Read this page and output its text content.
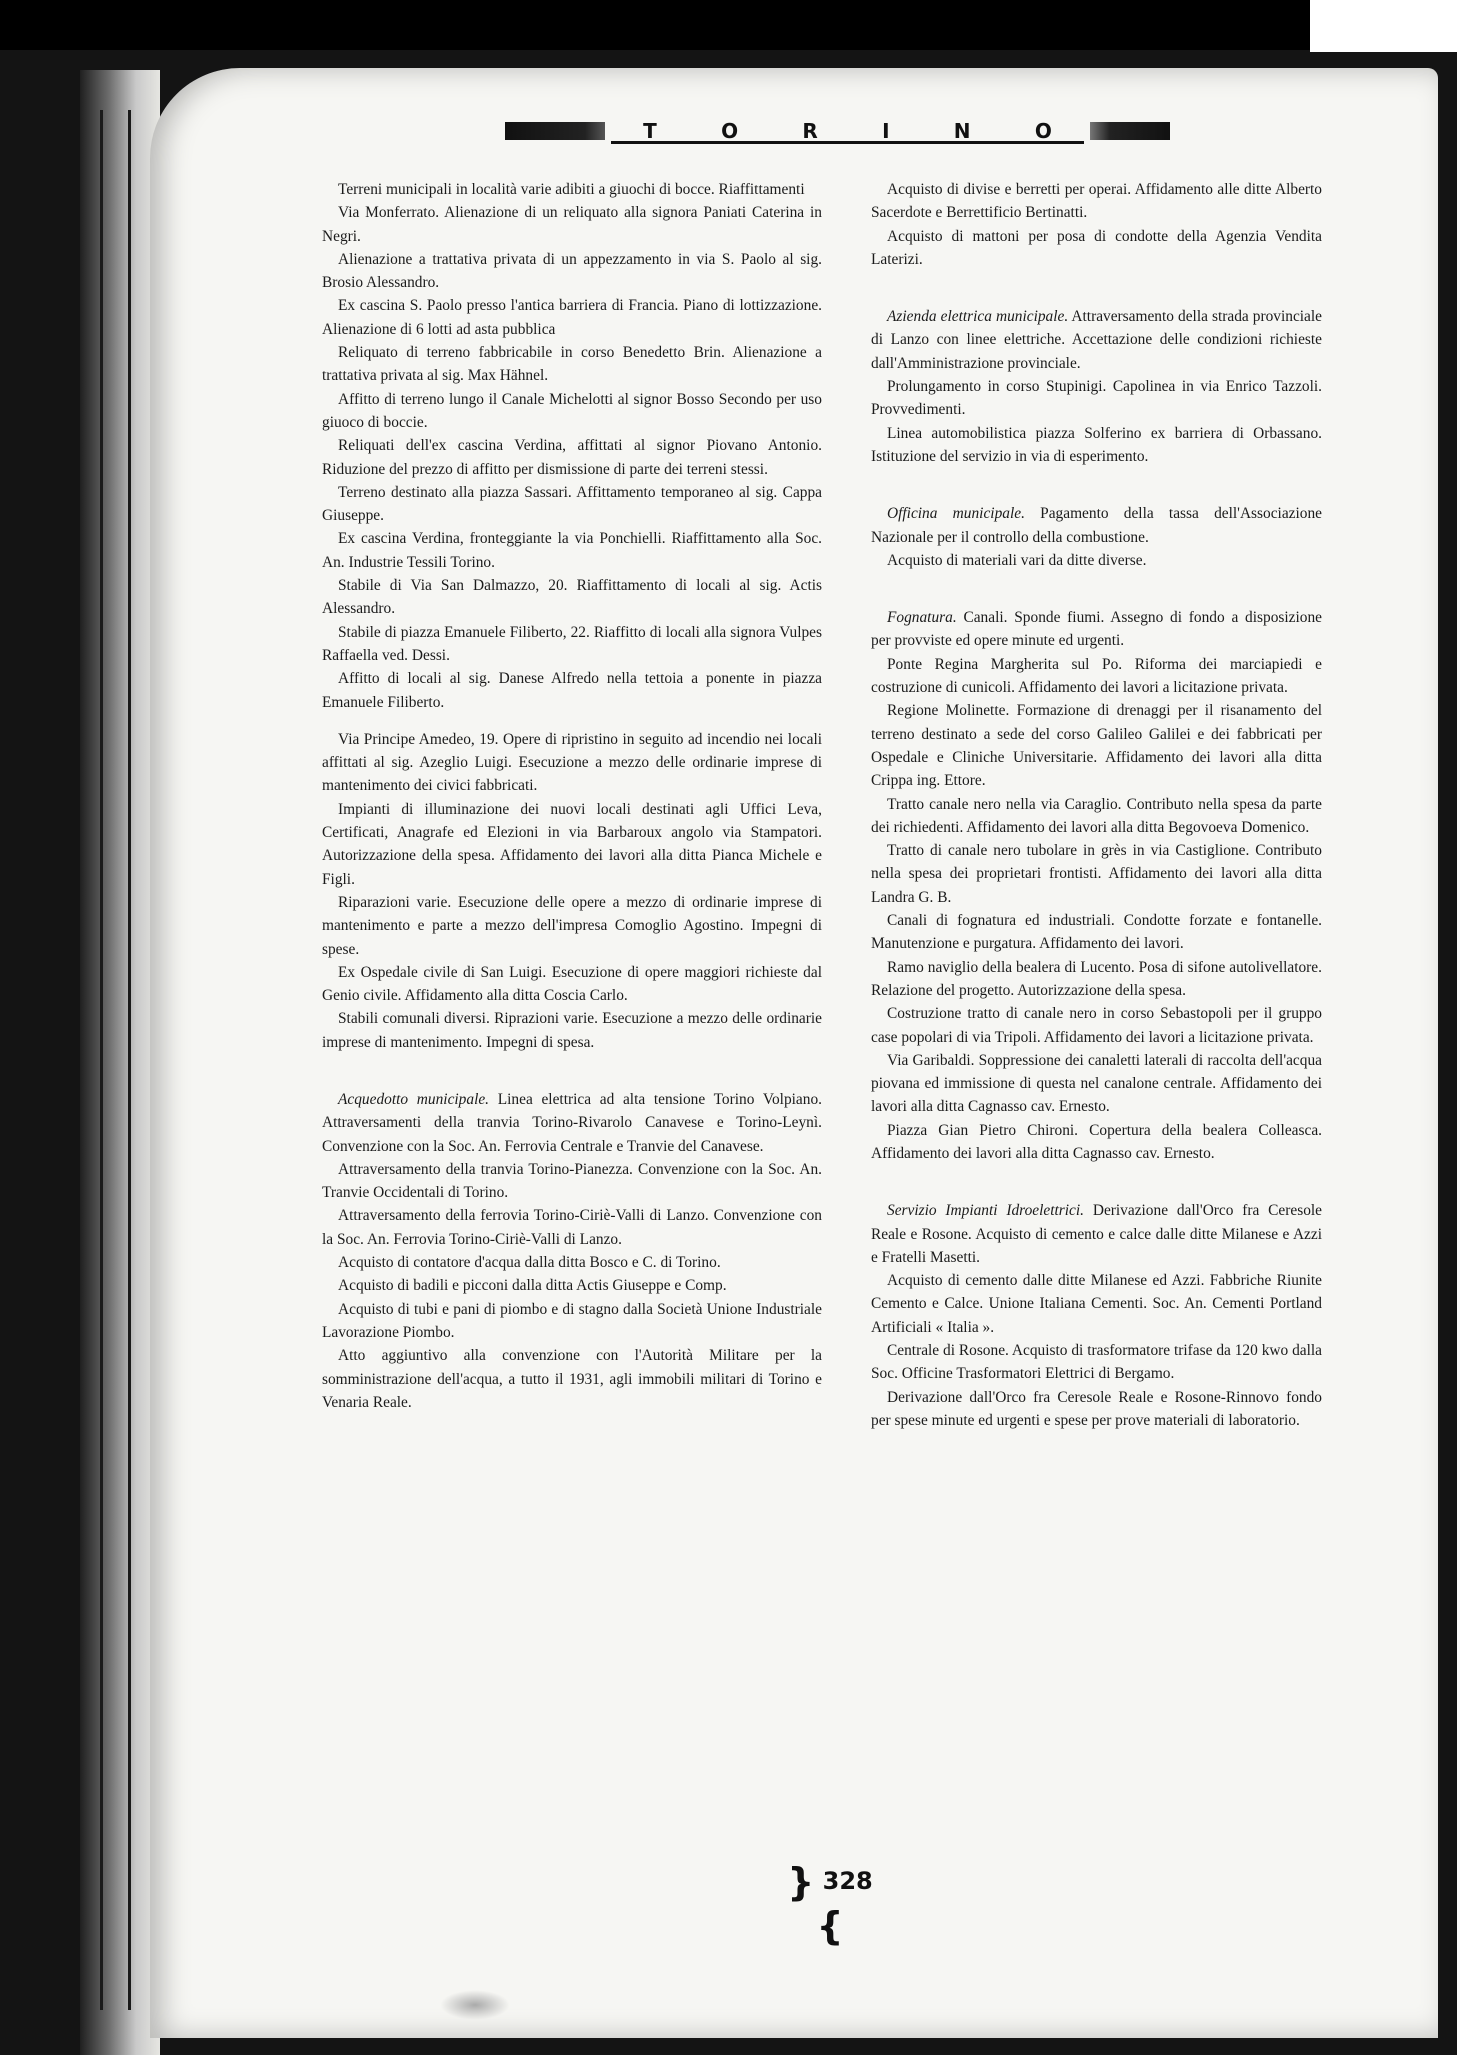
T	O	R	I	N	O

Terreni municipali in località varie adibiti a giuochi di bocce. Riaffittamenti

Via Monferrato. Alienazione di un reliquato alla signora Paniati Caterina in Negri.

Alienazione a trattativa privata di un appezzamento in via S. Paolo al sig. Brosio Alessandro.

Ex cascina S. Paolo presso l'antica barriera di Francia. Piano di lottizzazione. Alienazione di 6 lotti ad asta pubblica

Reliquato di terreno fabbricabile in corso Benedetto Brin. Alienazione a trattativa privata al sig. Max Hähnel.

Affitto di terreno lungo il Canale Michelotti al signor Bosso Secondo per uso giuoco di boccie.

Reliquati dell'ex cascina Verdina, affittati al signor Piovano Antonio. Riduzione del prezzo di affitto per dismissione di parte dei terreni stessi.

Terreno destinato alla piazza Sassari. Affittamento temporaneo al sig. Cappa Giuseppe.

Ex cascina Verdina, fronteggiante la via Ponchielli. Riaffittamento alla Soc. An. Industrie Tessili Torino.

Stabile di Via San Dalmazzo, 20. Riaffittamento di locali al sig. Actis Alessandro.

Stabile di piazza Emanuele Filiberto, 22. Riaffitto di locali alla signora Vulpes Raffaella ved. Dessi.

Affitto di locali al sig. Danese Alfredo nella tettoia a ponente in piazza Emanuele Filiberto.

Via Principe Amedeo, 19. Opere di ripristino in seguito ad incendio nei locali affittati al sig. Azeglio Luigi. Esecuzione a mezzo delle ordinarie imprese di mantenimento dei civici fabbricati.

Impianti di illuminazione dei nuovi locali destinati agli Uffici Leva, Certificati, Anagrafe ed Elezioni in via Barbaroux angolo via Stampatori. Autorizzazione della spesa. Affidamento dei lavori alla ditta Pianca Michele e Figli.

Riparazioni varie. Esecuzione delle opere a mezzo di ordinarie imprese di mantenimento e parte a mezzo dell'impresa Comoglio Agostino. Impegni di spese.

Ex Ospedale civile di San Luigi. Esecuzione di opere maggiori richieste dal Genio civile. Affidamento alla ditta Coscia Carlo.

Stabili comunali diversi. Riprazioni varie. Esecuzione a mezzo delle ordinarie imprese di mantenimento. Impegni di spesa.

Acquedotto municipale. Linea elettrica ad alta tensione Torino Volpiano. Attraversamenti della tranvia Torino-Rivarolo Canavese e Torino-Leynì. Convenzione con la Soc. An. Ferrovia Centrale e Tranvie del Canavese.

Attraversamento della tranvia Torino-Pianezza. Convenzione con la Soc. An. Tranvie Occidentali di Torino.

Attraversamento della ferrovia Torino-Ciriè-Valli di Lanzo. Convenzione con la Soc. An. Ferrovia Torino-Ciriè-Valli di Lanzo.

Acquisto di contatore d'acqua dalla ditta Bosco e C. di Torino.

Acquisto di badili e picconi dalla ditta Actis Giuseppe e Comp.

Acquisto di tubi e pani di piombo e di stagno dalla Società Unione Industriale Lavorazione Piombo.

Atto aggiuntivo alla convenzione con l'Autorità Militare per la somministrazione dell'acqua, a tutto il 1931, agli immobili militari di Torino e Venaria Reale.

Acquisto di divise e berretti per operai. Affidamento alle ditte Alberto Sacerdote e Berrettificio Bertinatti.

Acquisto di mattoni per posa di condotte della Agenzia Vendita Laterizi.

Azienda elettrica municipale. Attraversamento della strada provinciale di Lanzo con linee elettriche. Accettazione delle condizioni richieste dall'Amministrazione provinciale.

Prolungamento in corso Stupinigi. Capolinea in via Enrico Tazzoli. Provvedimenti.

Linea automobilistica piazza Solferino ex barriera di Orbassano. Istituzione del servizio in via di esperimento.

Officina municipale. Pagamento della tassa dell'Associazione Nazionale per il controllo della combustione.

Acquisto di materiali vari da ditte diverse.

Fognatura. Canali. Sponde fiumi. Assegno di fondo a disposizione per provviste ed opere minute ed urgenti.

Ponte Regina Margherita sul Po. Riforma dei marciapiedi e costruzione di cunicoli. Affidamento dei lavori a licitazione privata.

Regione Molinette. Formazione di drenaggi per il risanamento del terreno destinato a sede del corso Galileo Galilei e dei fabbricati per Ospedale e Cliniche Universitarie. Affidamento dei lavori alla ditta Crippa ing. Ettore.

Tratto canale nero nella via Caraglio. Contributo nella spesa da parte dei richiedenti. Affidamento dei lavori alla ditta Begovoeva Domenico.

Tratto di canale nero tubolare in grès in via Castiglione. Contributo nella spesa dei proprietari frontisti. Affidamento dei lavori alla ditta Landra G. B.

Canali di fognatura ed industriali. Condotte forzate e fontanelle. Manutenzione e purgatura. Affidamento dei lavori.

Ramo naviglio della bealera di Lucento. Posa di sifone autolivellatore. Relazione del progetto. Autorizzazione della spesa.

Costruzione tratto di canale nero in corso Sebastopoli per il gruppo case popolari di via Tripoli. Affidamento dei lavori a licitazione privata.

Via Garibaldi. Soppressione dei canaletti laterali di raccolta dell'acqua piovana ed immissione di questa nel canalone centrale. Affidamento dei lavori alla ditta Cagnasso cav. Ernesto.

Piazza Gian Pietro Chironi. Copertura della bealera Colleasca. Affidamento dei lavori alla ditta Cagnasso cav. Ernesto.

Servizio Impianti Idroelettrici. Derivazione dall'Orco fra Ceresole Reale e Rosone. Acquisto di cemento e calce dalle ditte Milanese e Azzi e Fratelli Masetti.

Acquisto di cemento dalle ditte Milanese ed Azzi. Fabbriche Riunite Cemento e Calce. Unione Italiana Cementi. Soc. An. Cementi Portland Artificiali « Italia ».

Centrale di Rosone. Acquisto di trasformatore trifase da 120 kwo dalla Soc. Officine Trasformatori Elettrici di Bergamo.

Derivazione dall'Orco fra Ceresole Reale e Rosone-Rinnovo fondo per spese minute ed urgenti e spese per prove materiali di laboratorio.

} 328 {
